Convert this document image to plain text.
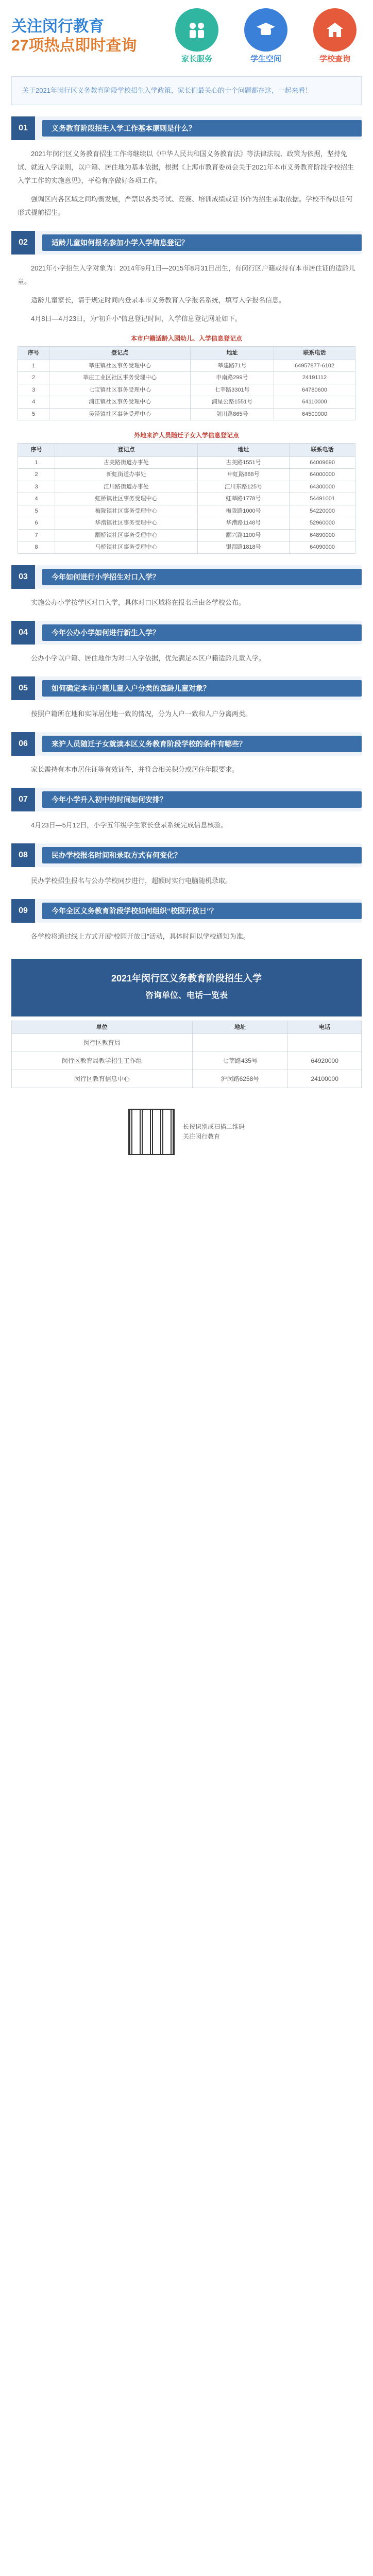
关注闵行教育
27项热点即时查询
家长服务	学生空间	学校查询
关于2021年闵行区义务教育阶段学校招生入学政策，家长们最关心的十个问题都在这，一起来看！
01	义务教育阶段招生入学工作基本原则是什么？

2021年闵行区义务教育招生工作将继续以《中华人民共和国义务教育法》等法律法规、政策为依据，坚持免试、就近入学原则，以户籍、居住地为基本依据，根据《上海市教育委员会关于2021年本市义务教育阶段学校招生入学工作的实施意见》，平稳有序做好各项工作。

强调区内各区域之间均衡发展，严禁以各类考试、竞赛、培训成绩或证书作为招生录取依据。学校不得以任何形式提前招生。

02	适龄儿童如何报名参加小学入学信息登记？

2021年小学招生入学对象为：2014年9月1日—2015年8月31日出生，有闵行区户籍或持有本市居住证的适龄儿童。

适龄儿童家长，请于规定时间内登录本市义务教育入学报名系统，填写入学报名信息。

4月8日—4月23日，为“初升小”信息登记时间，入学信息登记网址如下。

本市户籍适龄入园幼儿、入学信息登记点
序号	登记点	地址	联系电话
1	莘庄镇社区事务受理中心	莘建路71号	64957877-6102
2	莘庄工业区社区事务受理中心	申南路299号	24191112
3	七宝镇社区事务受理中心	七莘路3301号	64780600
4	浦江镇社区事务受理中心	浦星公路1551号	64110000
5	吴泾镇社区事务受理中心	剑川路865号	64500000
外地来沪人员随迁子女入学信息登记点
序号	登记点	地址	联系电话
1	古美路街道办事处	古美路1551号	64009690
2	新虹街道办事处	申虹路888号	64000000
3	江川路街道办事处	江川东路125号	64300000
4	虹桥镇社区事务受理中心	虹莘路1778号	54491001
5	梅陇镇社区事务受理中心	梅陇路1000号	54220000
6	华漕镇社区事务受理中心	华漕路1148号	52960000
7	颛桥镇社区事务受理中心	颛兴路1100号	64890000
8	马桥镇社区事务受理中心	银都路1818号	64090000
03	今年如何进行小学招生对口入学？

实施公办小学按学区对口入学，具体对口区域将在报名后由各学校公布。

04	今年公办小学如何进行新生入学？

公办小学以户籍、居住地作为对口入学依据，优先满足本区户籍适龄儿童入学。

05	如何确定本市户籍儿童入户分类的适龄儿童对象？

按照户籍所在地和实际居住地一致的情况，分为人户一致和人户分离两类。

06	来沪人员随迁子女就读本区义务教育阶段学校的条件有哪些？

家长需持有本市居住证等有效证件，并符合相关积分或居住年限要求。

07	今年小学升入初中的时间如何安排？

4月23日—5月12日，小学五年级学生家长登录系统完成信息核验。

08	民办学校报名时间和录取方式有何变化？

民办学校招生报名与公办学校同步进行，超额时实行电脑随机录取。

09	今年全区义务教育阶段学校如何组织“校园开放日”？

各学校将通过线上方式开展“校园开放日”活动，具体时间以学校通知为准。

2021年闵行区义务教育阶段招生入学
咨询单位、电话一览表
单位	地址	电话
闵行区教育局		
闵行区教育局教学招生工作组	七莘路435号	64920000
闵行区教育信息中心	沪闵路6258号	24100000
长按识别或扫描二维码
关注闵行教育
